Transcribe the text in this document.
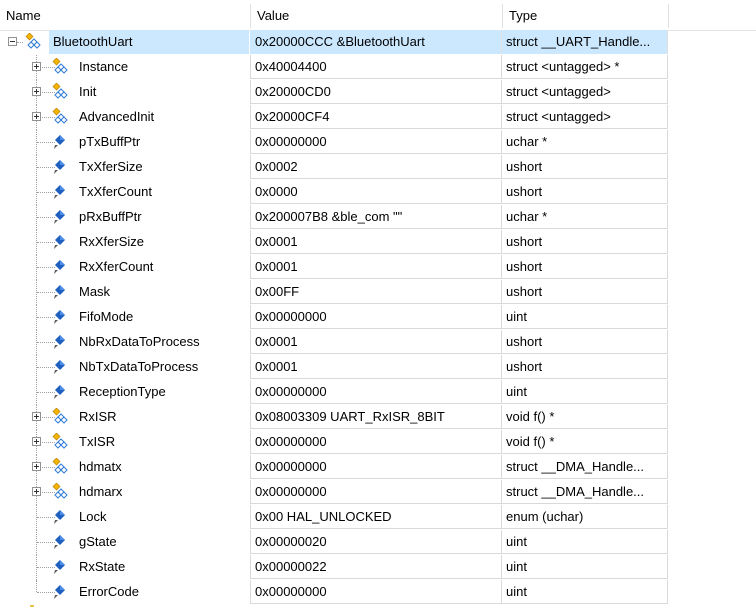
Name	Value	Type
BluetoothUart	0x20000CCC &BluetoothUart	struct __UART_Handle...
Instance	0x40004400	struct <untagged> *
Init	0x20000CD0	struct <untagged>
AdvancedInit	0x20000CF4	struct <untagged>
pTxBuffPtr	0x00000000	uchar *
TxXferSize	0x0002	ushort
TxXferCount	0x0000	ushort
pRxBuffPtr	0x200007B8 &ble_com ""	uchar *
RxXferSize	0x0001	ushort
RxXferCount	0x0001	ushort
Mask	0x00FF	ushort
FifoMode	0x00000000	uint
NbRxDataToProcess	0x0001	ushort
NbTxDataToProcess	0x0001	ushort
ReceptionType	0x00000000	uint
RxISR	0x08003309 UART_RxISR_8BIT	void f() *
TxISR	0x00000000	void f() *
hdmatx	0x00000000	struct __DMA_Handle...
hdmarx	0x00000000	struct __DMA_Handle...
Lock	0x00 HAL_UNLOCKED	enum (uchar)
gState	0x00000020	uint
RxState	0x00000022	uint
ErrorCode	0x00000000	uint
